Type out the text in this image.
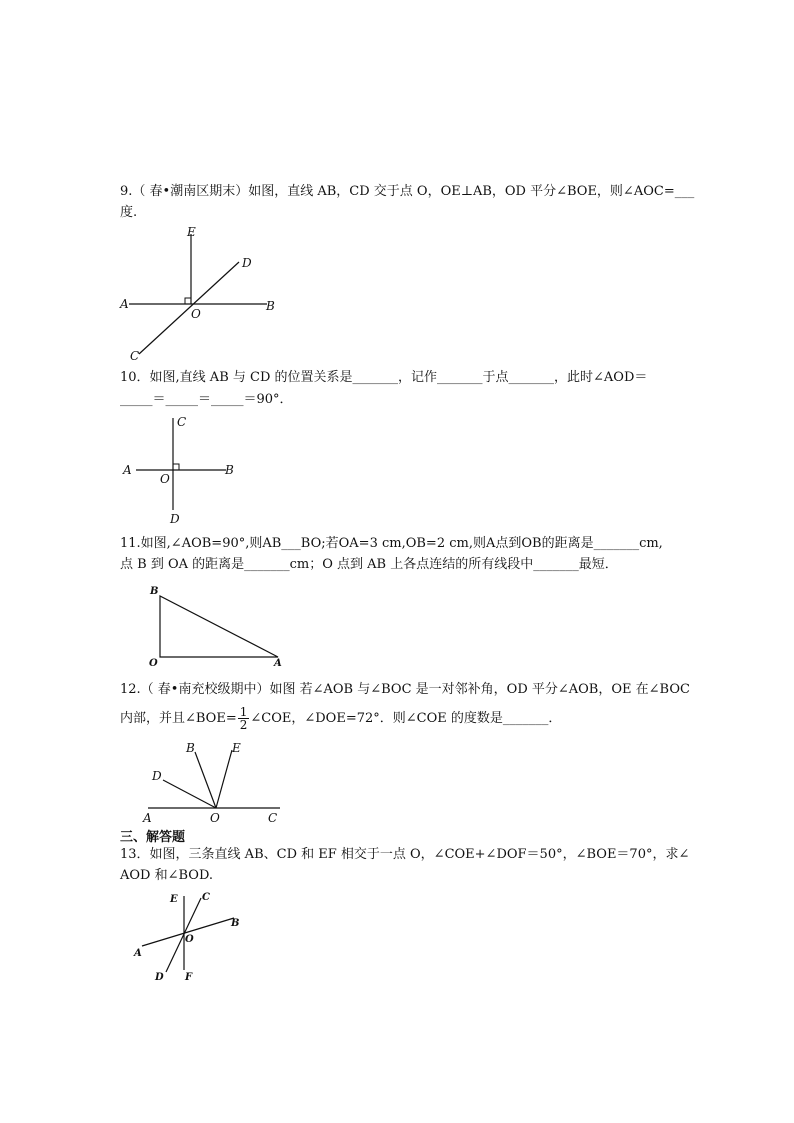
9.（ 春•潮南区期末）如图，直线 AB，CD 交于点 O，OE⊥AB，OD 平分∠BOE，则∠AOC=___
度.
E
D
A
O
B
C
10．如图,直线 AB 与 CD 的位置关系是_______，记作_______于点_______，此时∠AOD＝
_____＝_____＝_____＝90°．
C
A
O
B
D
11.如图,∠AOB=90°,则AB___BO;若OA=3 cm,OB=2 cm,则A点到OB的距离是_______cm,
点 B 到 OA 的距离是_______cm；O 点到 AB 上各点连结的所有线段中_______最短．
B
O	A
12.（ 春•南充校级期中）如图 若∠AOB 与∠BOC 是一对邻补角，OD 平分∠AOB，OE 在∠BOC
内部，并且∠BOE= $\frac{1}{2}$ ∠COE，∠DOE=72°．则∠COE 的度数是_______．
B	E
D
A	O	C
三、解答题
13．如图，三条直线 AB、CD 和 EF 相交于一点 O，∠COE+∠DOF＝50°，∠BOE＝70°，求∠
AOD 和∠BOD.
E C
B
O
A
D F
